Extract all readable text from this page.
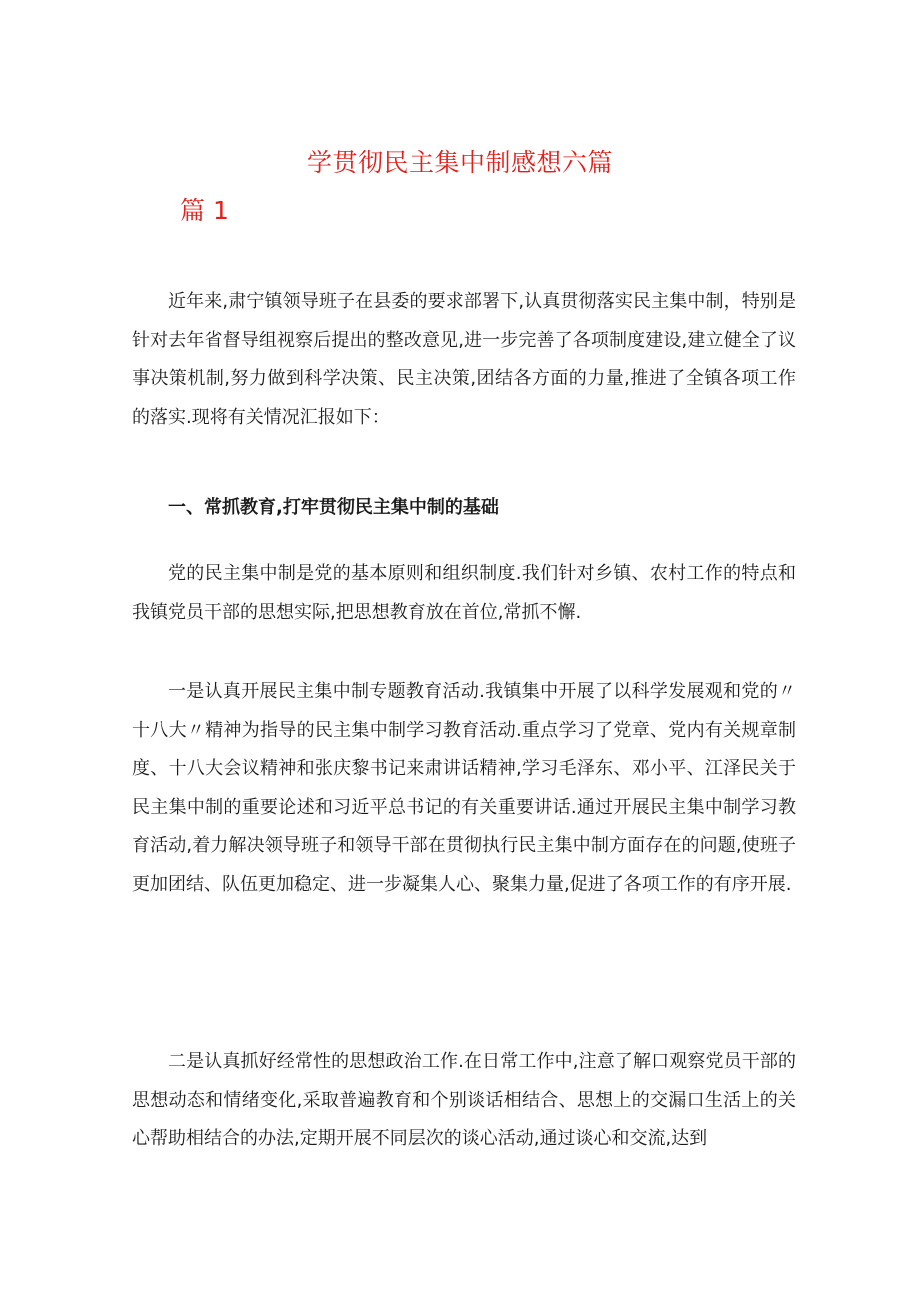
学贯彻民主集中制感想六篇
篇 1

近年来,肃宁镇领导班子在县委的要求部署下,认真贯彻落实民主集中制，特别是针对去年省督导组视察后提出的整改意见,进一步完善了各项制度建设,建立健全了议事决策机制,努力做到科学决策、民主决策,团结各方面的力量,推进了全镇各项工作的落实.现将有关情况汇报如下：

一、常抓教育,打牢贯彻民主集中制的基础

党的民主集中制是党的基本原则和组织制度.我们针对乡镇、农村工作的特点和我镇党员干部的思想实际,把思想教育放在首位,常抓不懈.

一是认真开展民主集中制专题教育活动.我镇集中开展了以科学发展观和党的〃十八大〃精神为指导的民主集中制学习教育活动.重点学习了党章、党内有关规章制度、十八大会议精神和张庆黎书记来肃讲话精神,学习毛泽东、邓小平、江泽民关于民主集中制的重要论述和习近平总书记的有关重要讲话.通过开展民主集中制学习教育活动,着力解决领导班子和领导干部在贯彻执行民主集中制方面存在的问题,使班子更加团结、队伍更加稳定、进一步凝集人心、聚集力量,促进了各项工作的有序开展.

二是认真抓好经常性的思想政治工作.在日常工作中,注意了解口观察党员干部的思想动态和情绪变化,采取普遍教育和个别谈话相结合、思想上的交漏口生活上的关心帮助相结合的办法,定期开展不同层次的谈心活动,通过谈心和交流,达到
